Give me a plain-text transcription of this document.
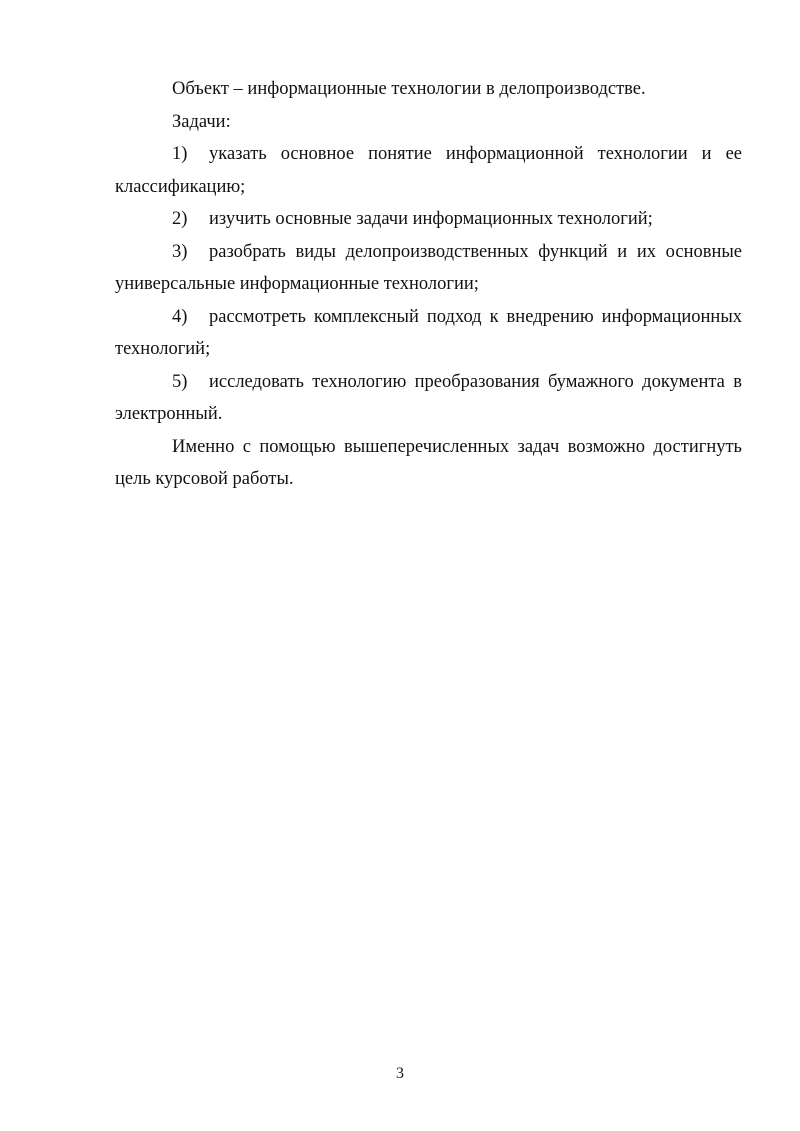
Объект – информационные технологии в делопроизводстве.

Задачи:

1) указать основное понятие информационной технологии и ее классификацию;

2) изучить основные задачи информационных технологий;

3) разобрать виды делопроизводственных функций и их основные универсальные информационные технологии;

4) рассмотреть комплексный подход к внедрению информационных технологий;

5) исследовать технологию преобразования бумажного документа в электронный.

Именно с помощью вышеперечисленных задач возможно достигнуть цель курсовой работы.

3
